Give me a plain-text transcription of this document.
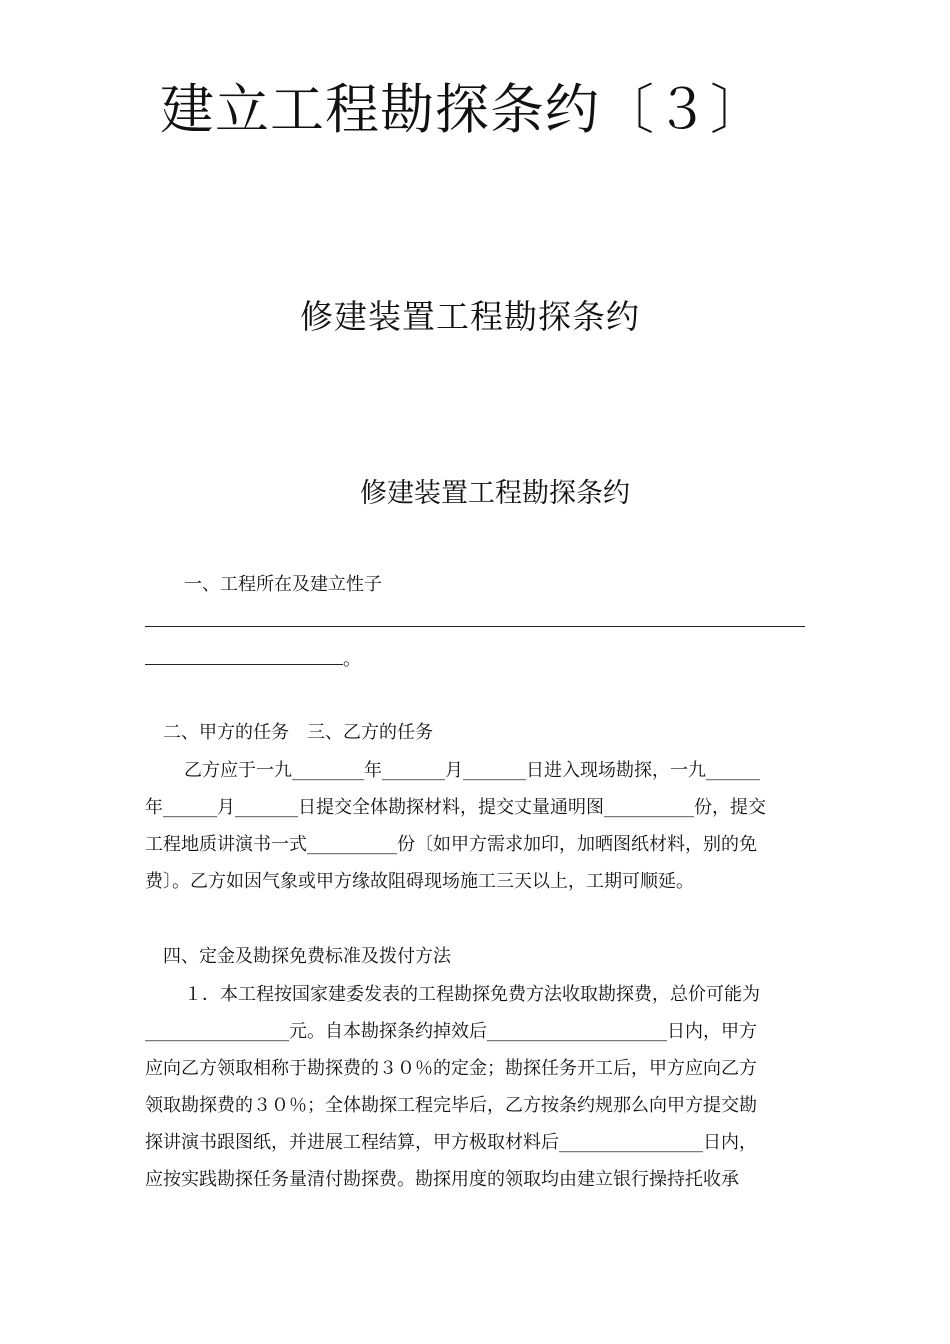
建立工程勘探条约〔３〕
修建装置工程勘探条约
修建装置工程勘探条约
一、工程所在及建立性子
。
二、甲方的任务　三、乙方的任务
乙方应于一九________年_______月_______日进入现场勘探，一九______
年______月_______日提交全体勘探材料，提交丈量通明图__________份，提交
工程地质讲演书一式__________份〔如甲方需求加印，加晒图纸材料，别的免
费〕。乙方如因气象或甲方缘故阻碍现场施工三天以上，工期可顺延。
四、定金及勘探免费标准及拨付方法
１．本工程按国家建委发表的工程勘探免费方法收取勘探费，总价可能为
________________元。自本勘探条约掉效后____________________日内，甲方
应向乙方领取相称于勘探费的３０％的定金；勘探任务开工后，甲方应向乙方
领取勘探费的３０％；全体勘探工程完毕后，乙方按条约规那么向甲方提交勘
探讲演书跟图纸，并进展工程结算，甲方极取材料后________________日内，
应按实践勘探任务量清付勘探费。勘探用度的领取均由建立银行操持托收承
